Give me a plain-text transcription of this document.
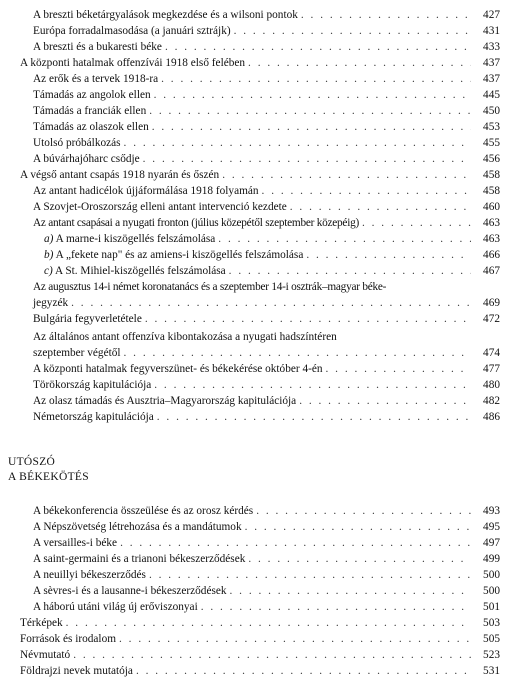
A breszti béketárgyalások megkezdése és a wilsoni pontok . . .	427
Európa forradalmasodása (a januári sztrájk) . . .	431
A breszti és a bukaresti béke . . .	433
A központi hatalmak offenzívái 1918 első felében . . .	437
Az erők és a tervek 1918-ra . . .	437
Támadás az angolok ellen . . .	445
Támadás a franciák ellen . . .	450
Támadás az olaszok ellen . . .	453
Utolsó próbálkozás . . .	455
A búvárhajóharc csődje . . .	456
A végső antant csapás 1918 nyarán és őszén . . .	458
Az antant hadicélok újjáformálása 1918 folyamán . . .	458
A Szovjet-Oroszország elleni antant intervenció kezdete . . .	460
Az antant csapásai a nyugati fronton (július közepétől szeptember közepéig) . . .	463
a) A marne-i kiszögellés felszámolása . . .	463
b) A „fekete nap" és az amiens-i kiszögellés felszámolása . . .	466
c) A St. Mihiel-kiszögellés felszámolása . . .	467
Az augusztus 14-i német koronatanács és a szeptember 14-i osztrák–magyar béke-
jegyzék . . .	469
Bulgária fegyverletétele . . .	472
Az általános antant offenzíva kibontakozása a nyugati hadszíntéren
szeptember végétől . . .	474
A központi hatalmak fegyverszünet- és békekérése október 4-én . . .	477
Törökország kapitulációja . . .	480
Az olasz támadás és Ausztria–Magyarország kapitulációja . . .	482
Németország kapitulációja . . .	486
UTÓSZÓ
A BÉKEKÖTÉS
A békekonferencia összeülése és az orosz kérdés . . .	493
A Népszövetség létrehozása és a mandátumok . . .	495
A versailles-i béke . . .	497
A saint-germaini és a trianoni békeszerződések . . .	499
A neuillyi békeszerződés . . .	500
A sèvres-i és a lausanne-i békeszerződések . . .	500
A háború utáni világ új erőviszonyai . . .	501
Térképek . . .	503
Források és irodalom . . .	505
Névmutató . . .	523
Földrajzi nevek mutatója . . .	531
